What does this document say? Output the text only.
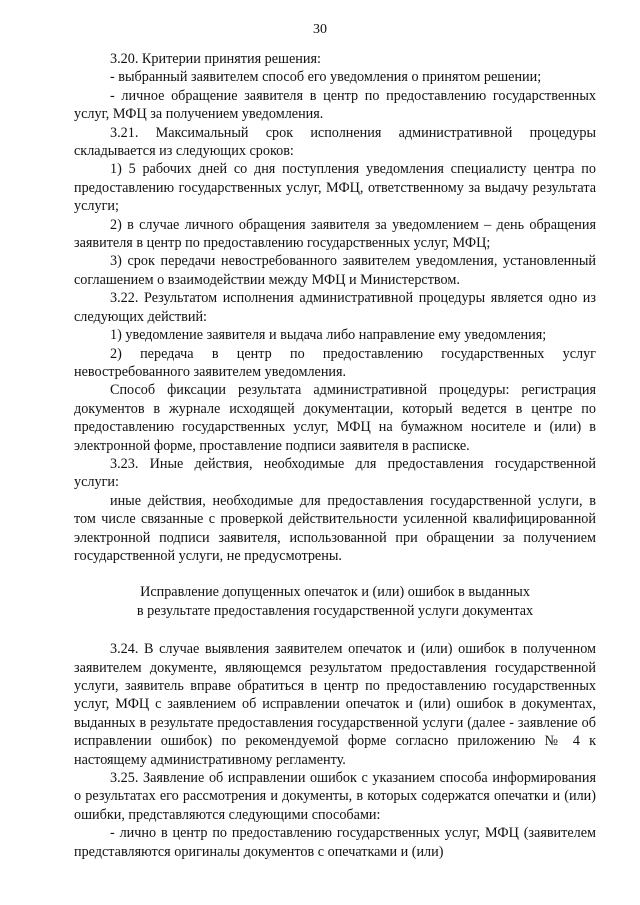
30

3.20. Критерии принятия решения:

- выбранный заявителем способ его уведомления о принятом решении;

- личное обращение заявителя в центр по предоставлению государственных услуг, МФЦ за получением уведомления.

3.21. Максимальный срок исполнения административной процедуры складывается из следующих сроков:

1) 5 рабочих дней со дня поступления уведомления специалисту центра по предоставлению государственных услуг, МФЦ, ответственному за выдачу результата услуги;

2) в случае личного обращения заявителя за уведомлением – день обращения заявителя в центр по предоставлению государственных услуг, МФЦ;

3) срок передачи невостребованного заявителем уведомления, установленный соглашением о взаимодействии между МФЦ и Министерством.

3.22. Результатом исполнения административной процедуры является одно из следующих действий:

1) уведомление заявителя и выдача либо направление ему уведомления;

2) передача в центр по предоставлению государственных услуг невостребованного заявителем уведомления.

Способ фиксации результата административной процедуры: регистрация документов в журнале исходящей документации, который ведется в центре по предоставлению государственных услуг, МФЦ на бумажном носителе и (или) в электронной форме, проставление подписи заявителя в расписке.

3.23. Иные действия, необходимые для предоставления государственной услуги:

иные действия, необходимые для предоставления государственной услуги, в том числе связанные с проверкой действительности усиленной квалифицированной электронной подписи заявителя, использованной при обращении за получением государственной услуги, не предусмотрены.

Исправление допущенных опечаток и (или) ошибок в выданных

в результате предоставления государственной услуги документах

3.24. В случае выявления заявителем опечаток и (или) ошибок в полученном заявителем документе, являющемся результатом предоставления государственной услуги, заявитель вправе обратиться в центр по предоставлению государственных услуг, МФЦ с заявлением об исправлении опечаток и (или) ошибок в документах, выданных в результате предоставления государственной услуги (далее - заявление об исправлении ошибок) по рекомендуемой форме согласно приложению № 4 к настоящему административному регламенту.

3.25. Заявление об исправлении ошибок с указанием способа информирования о результатах его рассмотрения и документы, в которых содержатся опечатки и (или) ошибки, представляются следующими способами:

- лично в центр по предоставлению государственных услуг, МФЦ (заявителем представляются оригиналы документов с опечатками и (или)
